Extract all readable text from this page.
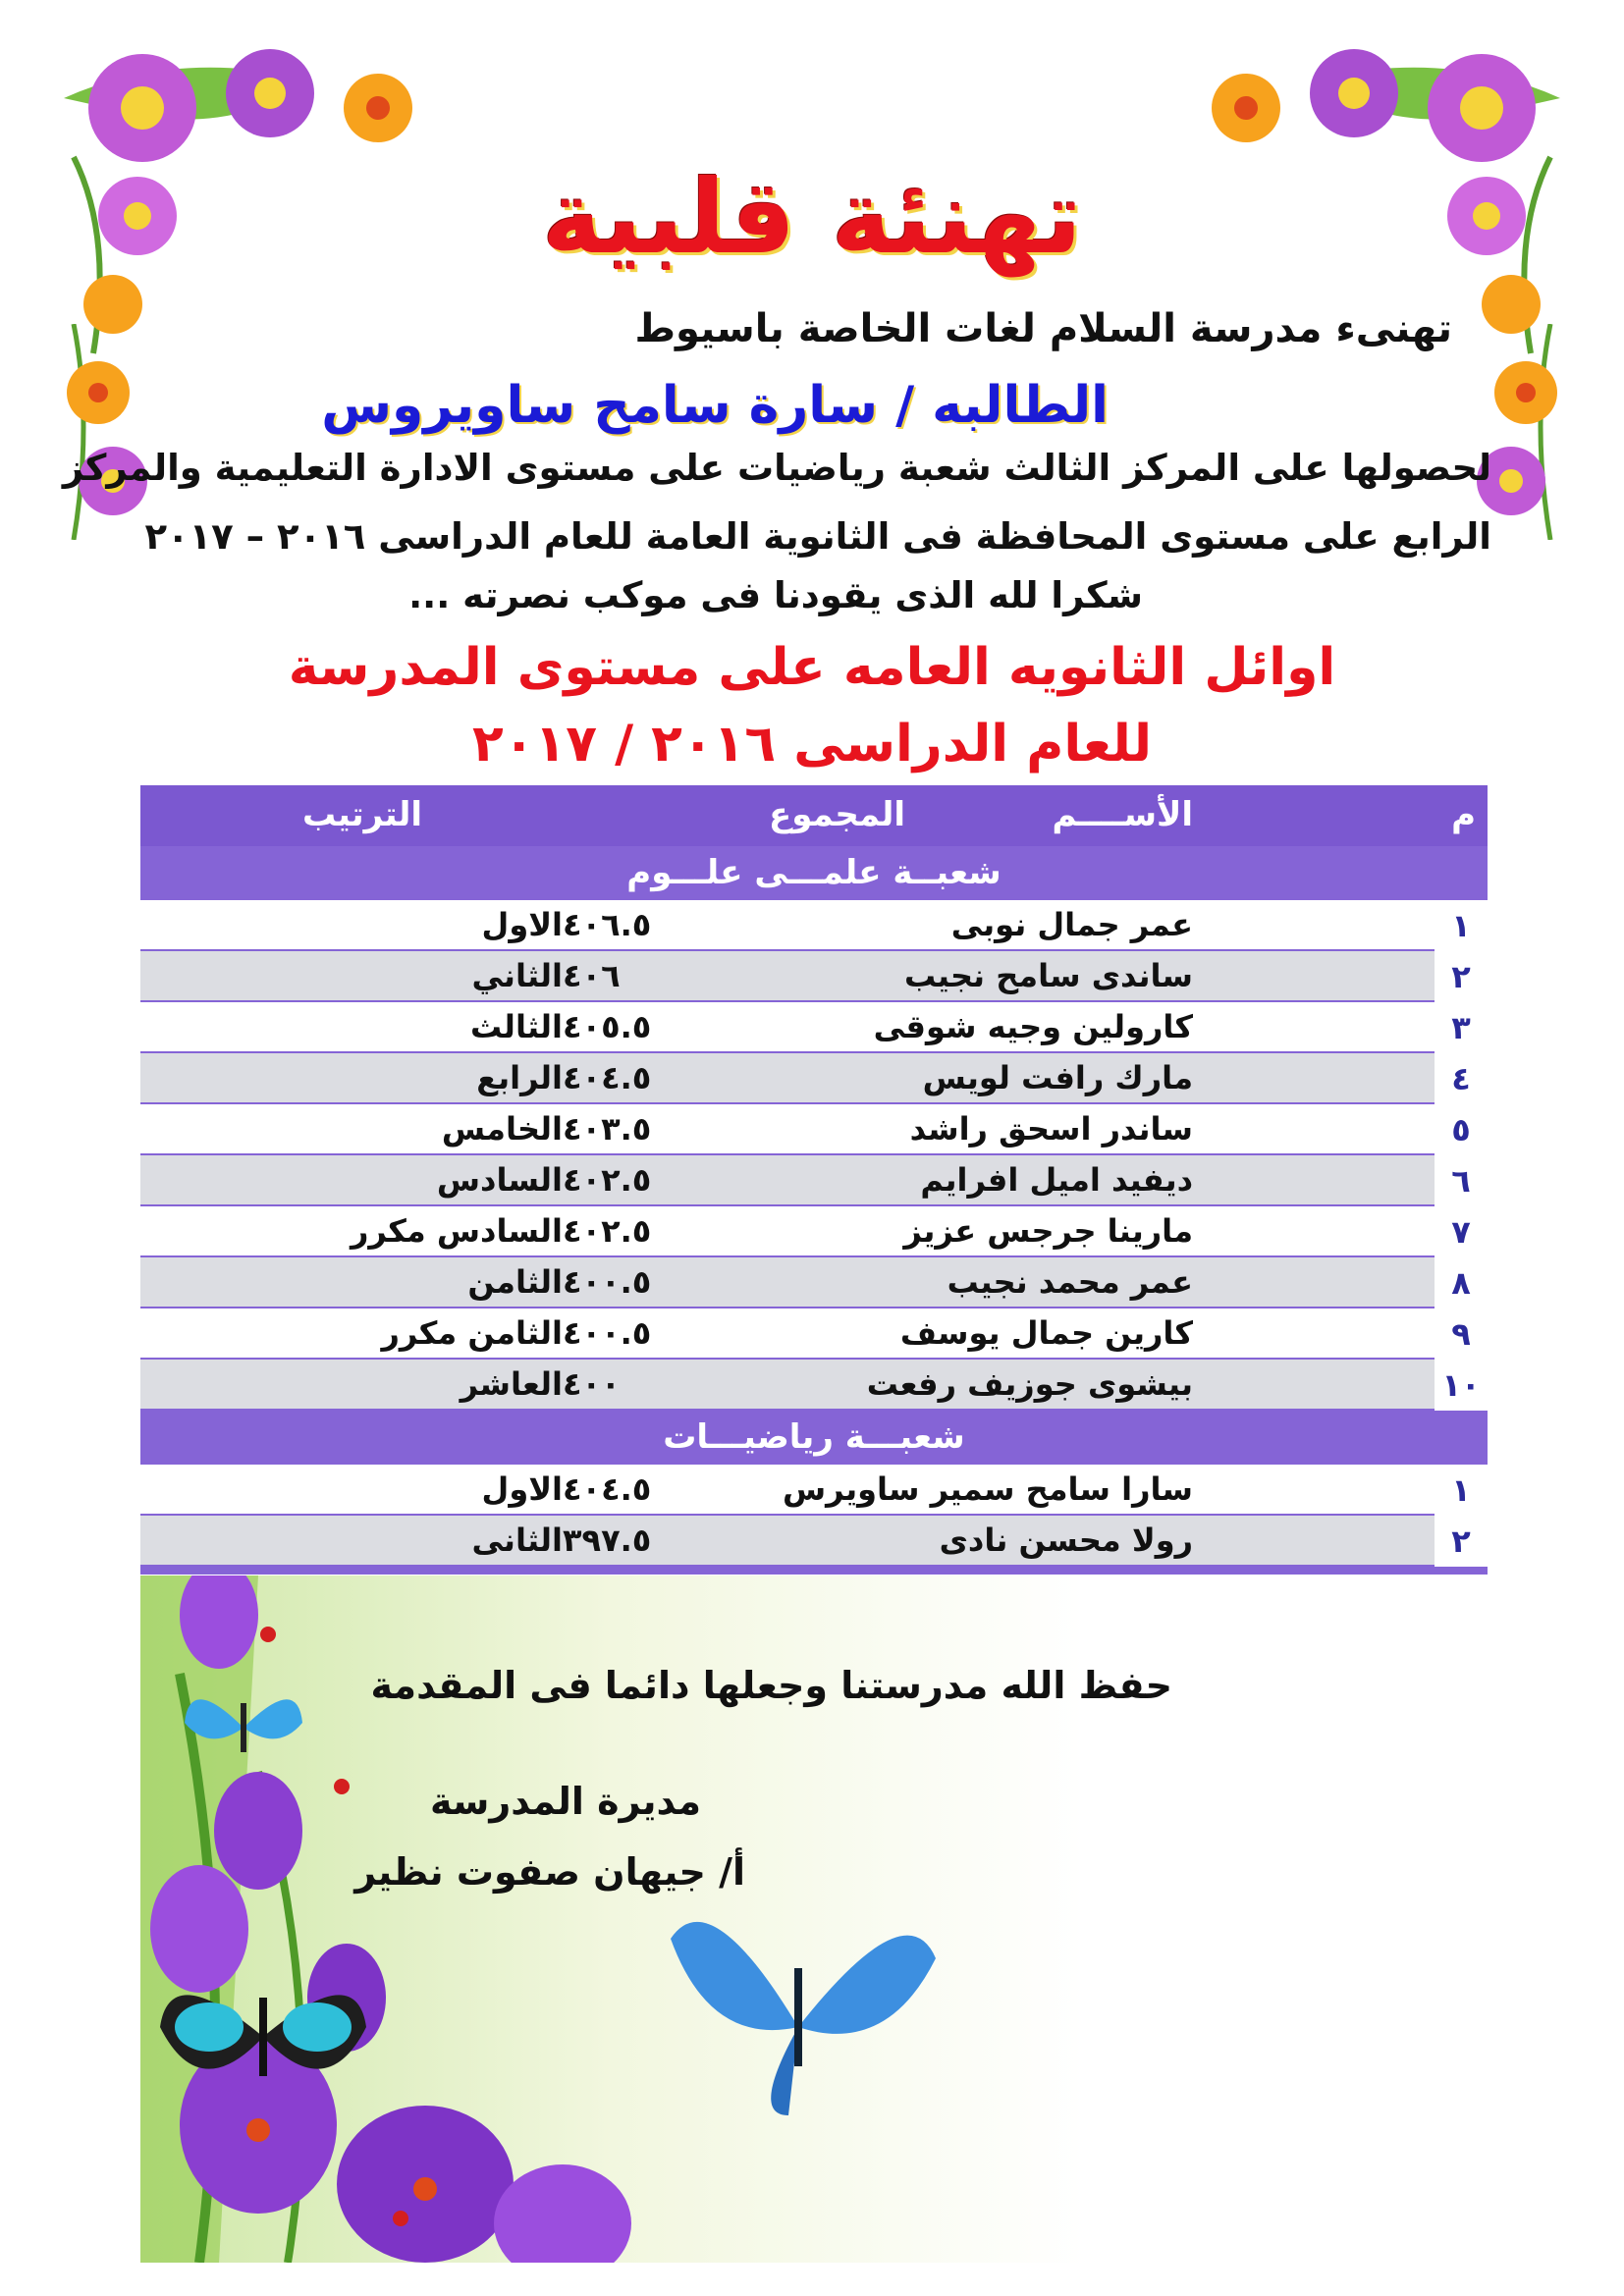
تهنئة قلبية
تهنىء مدرسة السلام لغات الخاصة باسيوط
الطالبه / سارة سامح ساويروس
لحصولها على المركز الثالث شعبة رياضيات على مستوى الادارة التعليمية والمركز
الرابع على مستوى المحافظة فى الثانوية العامة للعام الدراسى ٢٠١٦ – ٢٠١٧
شكرا لله الذى يقودنا فى موكب نصرته ...
اوائل الثانويه العامه على مستوى المدرسة
للعام الدراسى ٢٠١٦ / ٢٠١٧
م
الأســــم
المجموع
الترتيب
شعبــة علمـــى علـــوم
١
عمر جمال نوبى
٤٠٦.٥
الاول
٢
ساندى سامح نجيب
٤٠٦
الثاني
٣
كارولين وجيه شوقى
٤٠٥.٥
الثالث
٤
مارك رافت لويس
٤٠٤.٥
الرابع
٥
ساندر اسحق راشد
٤٠٣.٥
الخامس
٦
ديفيد اميل افرايم
٤٠٢.٥
السادس
٧
مارينا جرجس عزيز
٤٠٢.٥
السادس مكرر
٨
عمر محمد نجيب
٤٠٠.٥
الثامن
٩
كارين جمال يوسف
٤٠٠.٥
الثامن مكرر
١٠
بيشوى جوزيف رفعت
٤٠٠
العاشر
شعبـــة رياضيـــات
١
سارا سامح سمير ساويرس
٤٠٤.٥
الاول
٢
رولا محسن نادى
٣٩٧.٥
الثانى
حفظ الله مدرستنا وجعلها دائما فى المقدمة
مديرة المدرسة
أ/ جيهان صفوت نظير
